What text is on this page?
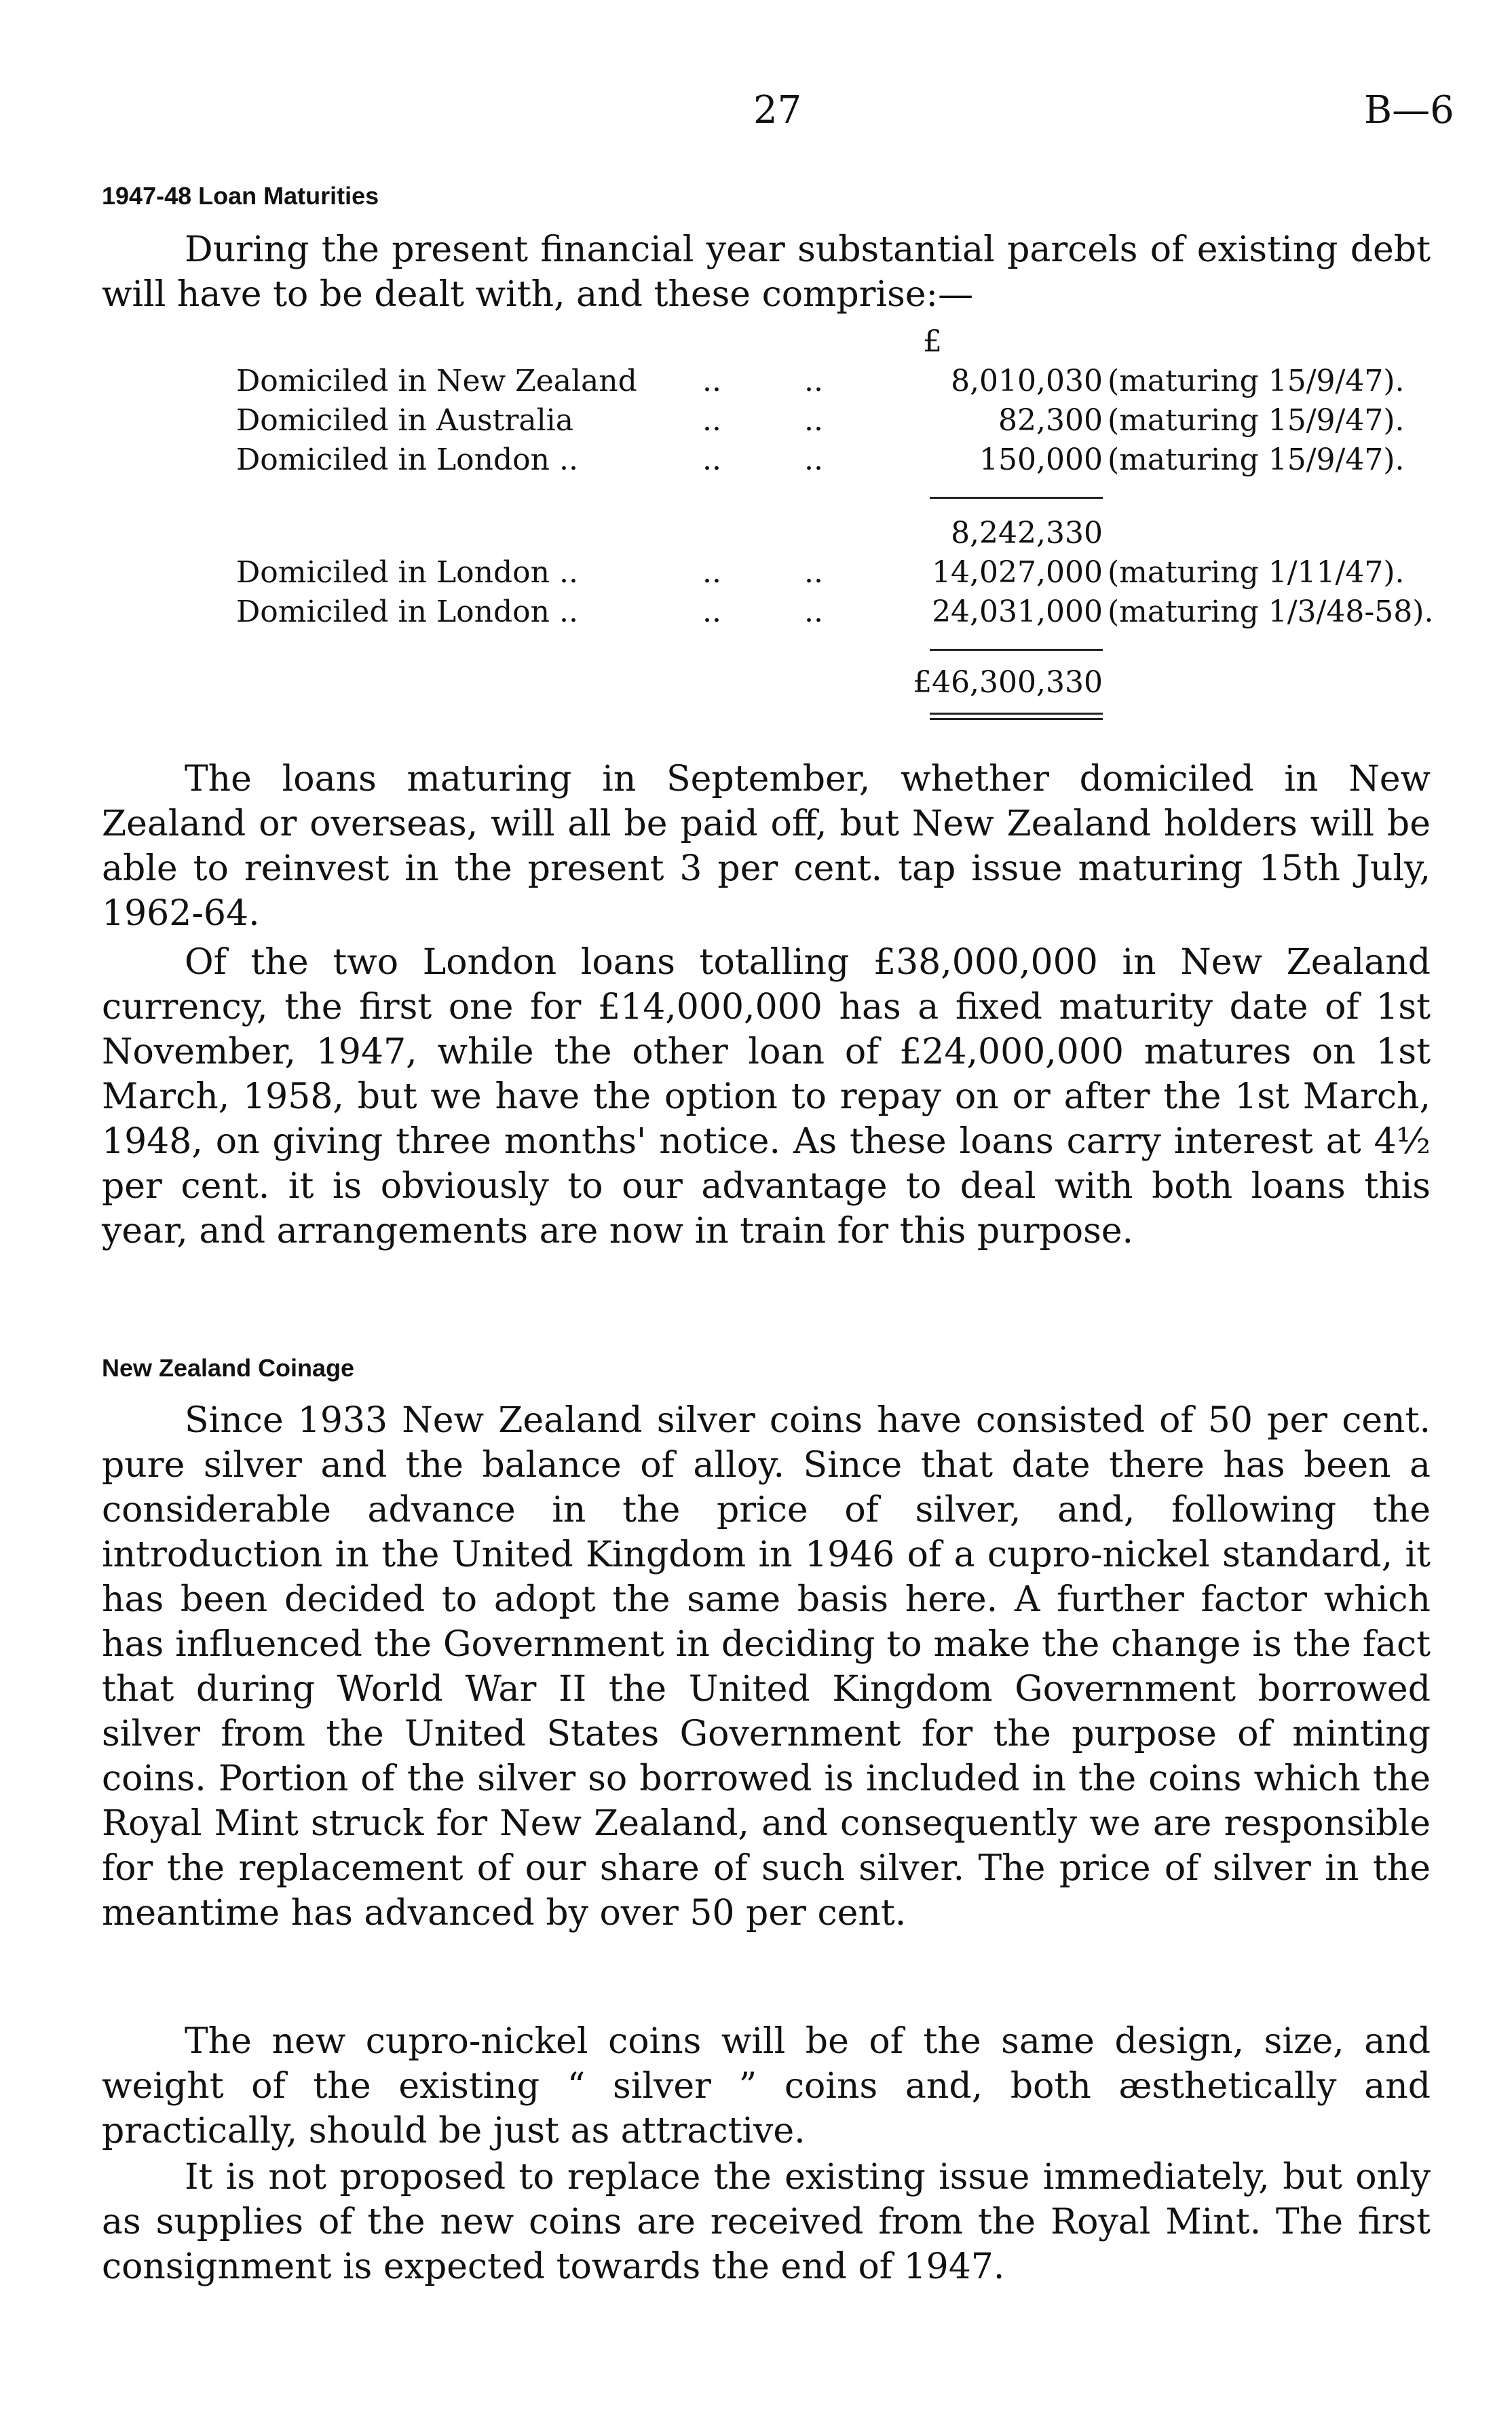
27	B—6
1947-48 Loan Maturities

During the present financial year substantial parcels of existing debt will have to be dealt with, and these comprise:—

£
Domiciled in New Zealand ..	..	8,010,030 (maturing 15/9/47).
Domiciled in Australia	..	..	82,300 (maturing 15/9/47).
Domiciled in London ..	..	..	150,000 (maturing 15/9/47).
8,242,330
Domiciled in London ..	..	..	14,027,000 (maturing 1/11/47).
Domiciled in London ..	..	..	24,031,000 (maturing 1/3/48-58).
£46,300,330

The loans maturing in September, whether domiciled in New Zealand or overseas, will all be paid off, but New Zealand holders will be able to reinvest in the present 3 per cent. tap issue maturing 15th July, 1962-64.

Of the two London loans totalling £38,000,000 in New Zealand currency, the first one for £14,000,000 has a fixed maturity date of 1st November, 1947, while the other loan of £24,000,000 matures on 1st March, 1958, but we have the option to repay on or after the 1st March, 1948, on giving three months' notice. As these loans carry interest at 4½ per cent. it is obviously to our advantage to deal with both loans this year, and arrangements are now in train for this purpose.

New Zealand Coinage

Since 1933 New Zealand silver coins have consisted of 50 per cent. pure silver and the balance of alloy. Since that date there has been a considerable advance in the price of silver, and, following the introduction in the United Kingdom in 1946 of a cupro-nickel standard, it has been decided to adopt the same basis here. A further factor which has influenced the Government in deciding to make the change is the fact that during World War II the United Kingdom Government borrowed silver from the United States Government for the purpose of minting coins. Portion of the silver so borrowed is included in the coins which the Royal Mint struck for New Zealand, and consequently we are responsible for the replacement of our share of such silver. The price of silver in the meantime has advanced by over 50 per cent.

The new cupro-nickel coins will be of the same design, size, and weight of the existing “ silver ” coins and, both æsthetically and practically, should be just as attractive.

It is not proposed to replace the existing issue immediately, but only as supplies of the new coins are received from the Royal Mint. The first consignment is expected towards the end of 1947.
